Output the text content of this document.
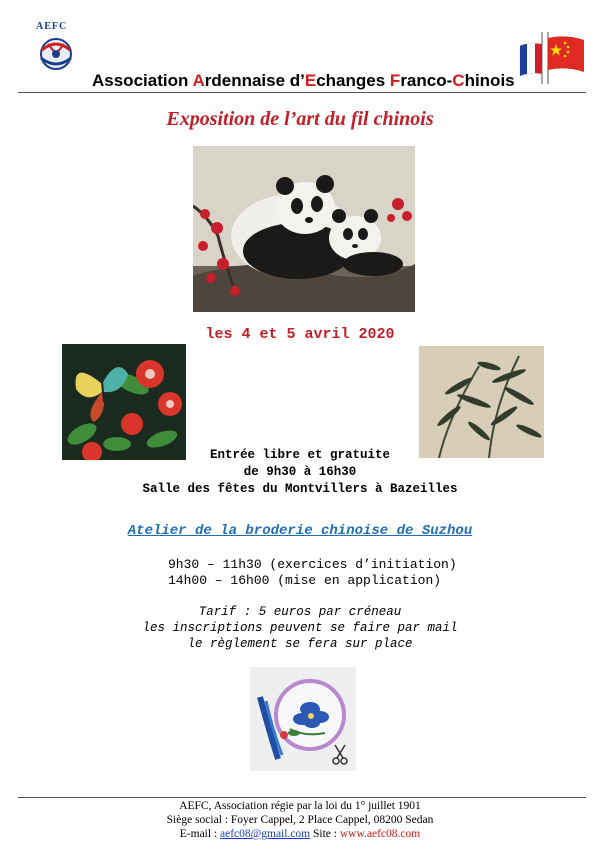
AEFC
Association Ardennaise d’Echanges Franco-Chinois
Exposition de l’art du fil chinois
les 4 et 5 avril 2020
Entrée libre et gratuite
de 9h30 à 16h30
Salle des fêtes du Montvillers à Bazeilles
Atelier de la broderie chinoise de Suzhou
9h30 – 11h30 (exercices d’initiation)
14h00 – 16h00 (mise en application)
Tarif : 5 euros par créneau
les inscriptions peuvent se faire par mail
le règlement se fera sur place
AEFC, Association régie par la loi du 1° juillet 1901
Siège social : Foyer Cappel, 2 Place Cappel, 08200 Sedan
E-mail : aefc08@gmail.com Site : www.aefc08.com
